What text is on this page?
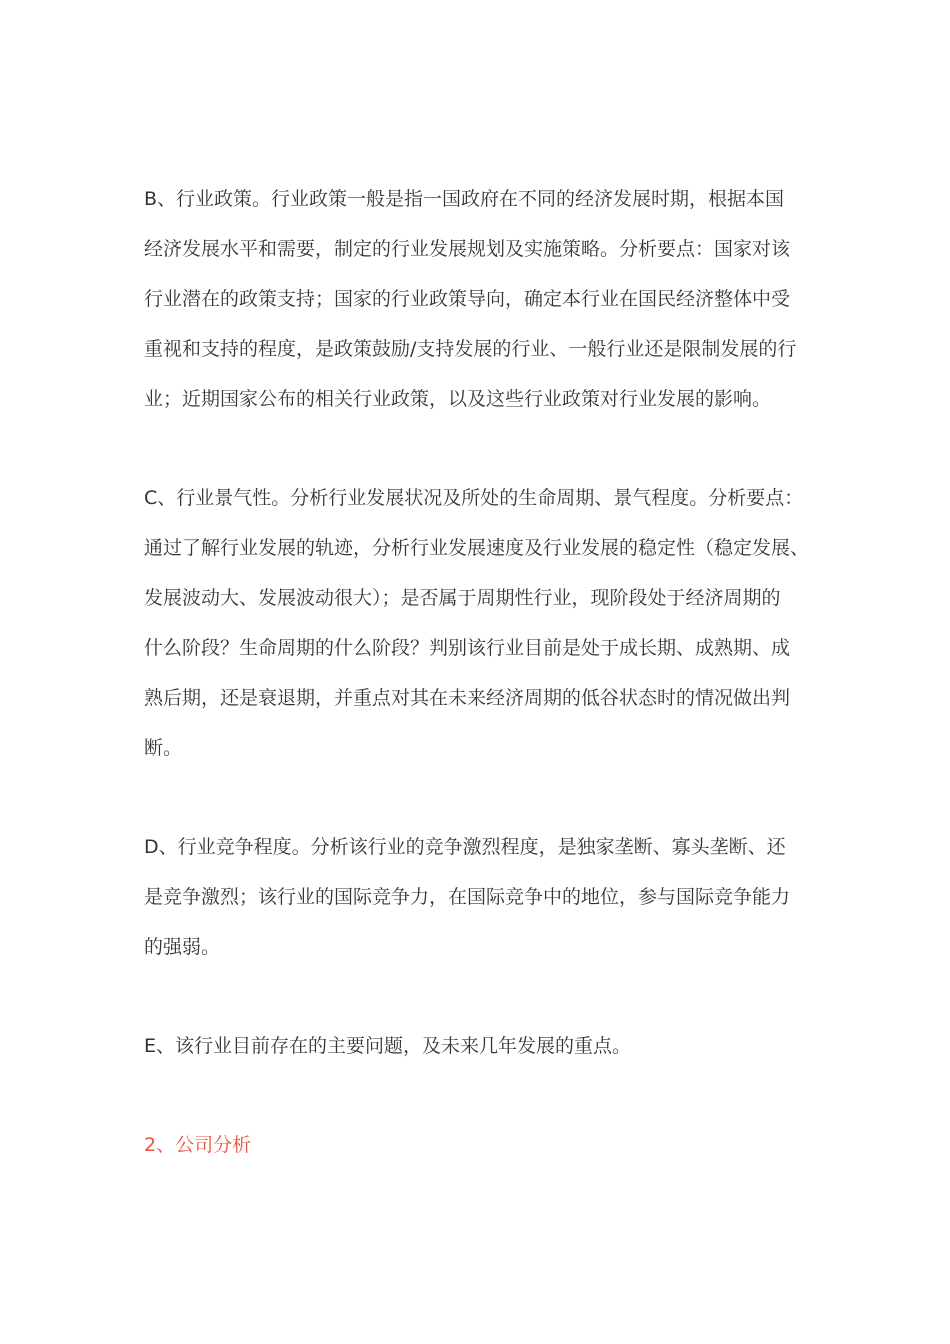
B、行业政策。行业政策一般是指一国政府在不同的经济发展时期，根据本国
经济发展水平和需要，制定的行业发展规划及实施策略。分析要点：国家对该
行业潜在的政策支持；国家的行业政策导向，确定本行业在国民经济整体中受
重视和支持的程度，是政策鼓励/支持发展的行业、一般行业还是限制发展的行
业；近期国家公布的相关行业政策，以及这些行业政策对行业发展的影响。
C、行业景气性。分析行业发展状况及所处的生命周期、景气程度。分析要点：
通过了解行业发展的轨迹，分析行业发展速度及行业发展的稳定性（稳定发展、
发展波动大、发展波动很大）；是否属于周期性行业，现阶段处于经济周期的
什么阶段？生命周期的什么阶段？判别该行业目前是处于成长期、成熟期、成
熟后期，还是衰退期，并重点对其在未来经济周期的低谷状态时的情况做出判
断。
D、行业竞争程度。分析该行业的竞争激烈程度，是独家垄断、寡头垄断、还
是竞争激烈；该行业的国际竞争力，在国际竞争中的地位，参与国际竞争能力
的强弱。
E、该行业目前存在的主要问题，及未来几年发展的重点。
2、公司分析
